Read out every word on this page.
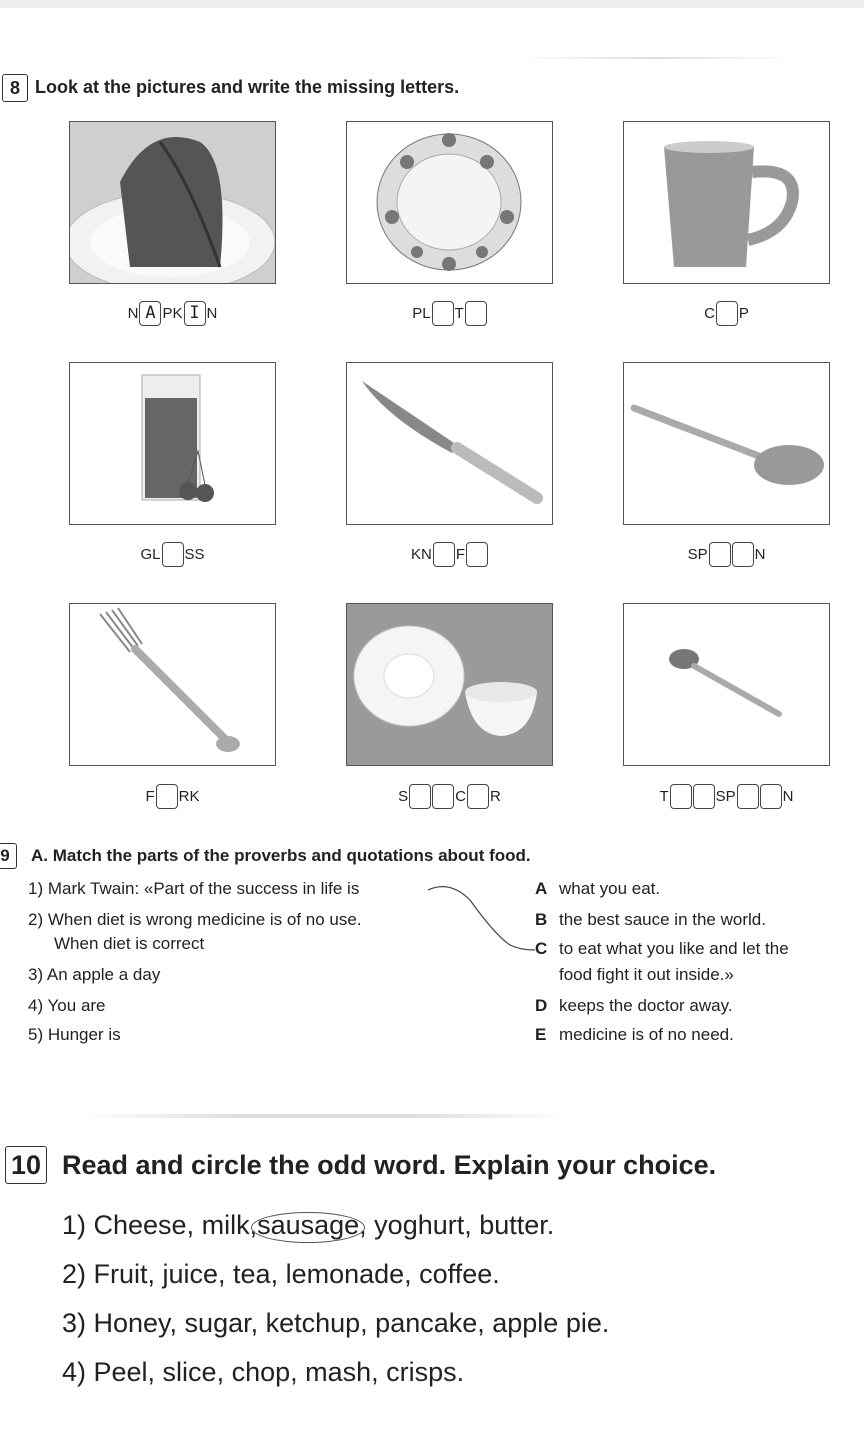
8 Look at the pictures and write the missing letters.
N A PK I N	PL T	C P
GL SS	KN F	SP	N
F RK	S	C R	T	SP	N
9	A. Match the parts of the proverbs and quotations about food.
1) Mark Twain: «Part of the success in life is
2) When diet is wrong medicine is of no use.
When diet is correct
3) An apple a day
4) You are
5) Hunger is
A what you eat.
B the best sauce in the world.
C to eat what you like and let the
food fight it out inside.»
D keeps the doctor away.
E medicine is of no need.
10 Read and circle the odd word. Explain your choice.
1) Cheese, milk,sausage, yoghurt, butter.
2) Fruit, juice, tea, lemonade, coffee.
3) Honey, sugar, ketchup, pancake, apple pie.
4) Peel, slice, chop, mash, crisps.
